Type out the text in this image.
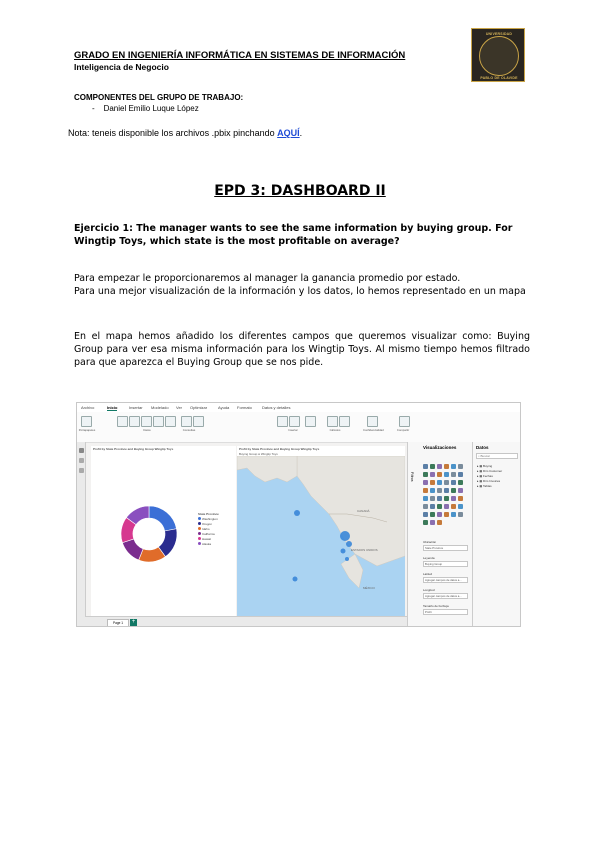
GRADO EN INGENIERÍA INFORMÁTICA EN SISTEMAS DE INFORMACIÓN
Inteligencia de Negocio
UNIVERSIDAD
PABLO DE OLAVIDE
COMPONENTES DEL GRUPO DE TRABAJO:
- Daniel Emilio Luque López
Nota: teneis disponible los archivos .pbix pinchando AQUÍ.
EPD 3: DASHBOARD II
Ejercicio 1: The manager wants to see the same information by buying group. For Wingtip Toys, which state is the most profitable on average?
Para empezar le proporcionaremos al manager la ganancia promedio por estado.
Para una mejor visualización de la información y los datos, lo hemos representado en un mapa
En el mapa hemos añadido los diferentes campos que queremos visualizar como: Buying Group para ver esa misma información para los Wingtip Toys. Al mismo tiempo hemos filtrado para que aparezca el Buying Group que se nos pide.
Archivo	Inicio	Insertar Modelado Ver Optimizar	Ayuda Formato	Datos y detalles
Portapapeles	Datos	Consultas	Insertar	Cálculos	Confidencialidad	Compartir
Profit by State Province and Buying Group Wingtip Toys
State Province
Washington
Oregon
Idaho
California
Hawaii
Alaska
Profit by State Province and Buying Group Wingtip Toys
Buying Group ● Wingtip Toys
CANADÁ
ESTADOS UNIDOS
MÉXICO
Filtros
Visualizaciones
Ubicación
State Province
Leyenda
Buying Group
Latitud
Agregar campos de datos a...
Longitud
Agregar campos de datos a...
Tamaño de burbuja
Profit
Datos
⌕ Buscar
▸ ▦ Buying
▸ ▦ Dim Customer
▸ ▦ Fechas
▸ ▦ Dim Invoices
▸ ▦ Tablas
Page 1	+
